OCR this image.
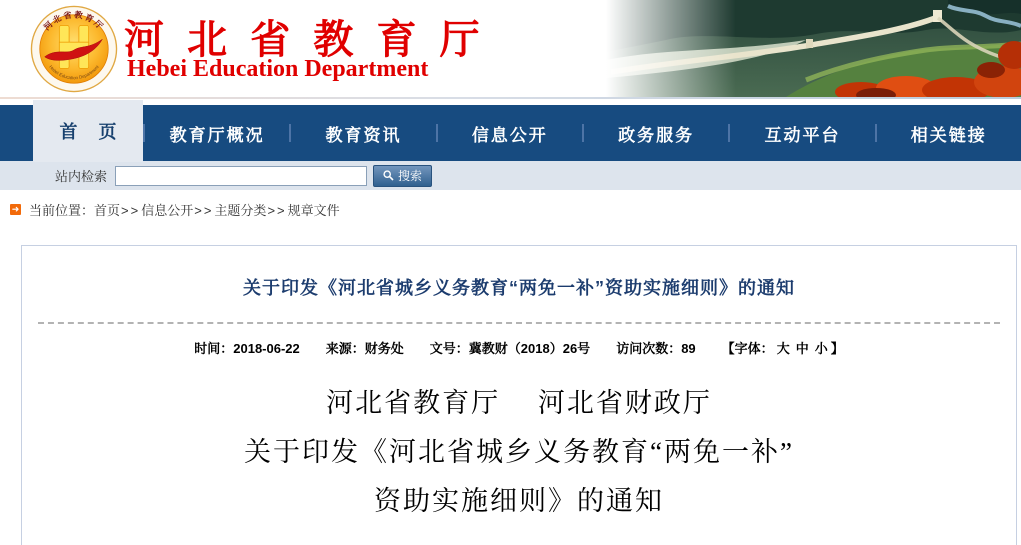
河北省教育厅
Hebei Education Department
河 北 省 教 育 厅
Hebei Education Department
首 页	教育厅概况	教育资讯	信息公开	政务服务	互动平台	相关链接
站内检索	搜索
➜ 当前位置：首页>>信息公开>>主题分类>>规章文件
关于印发《河北省城乡义务教育“两免一补”资助实施细则》的通知
时间：2018-06-22 来源：财务处 文号：冀教财（2018）26号 访问次数：89 【字体： 大 中 小 】
河北省教育厅　 河北省财政厅
关于印发《河北省城乡义务教育“两免一补”
资助实施细则》的通知
